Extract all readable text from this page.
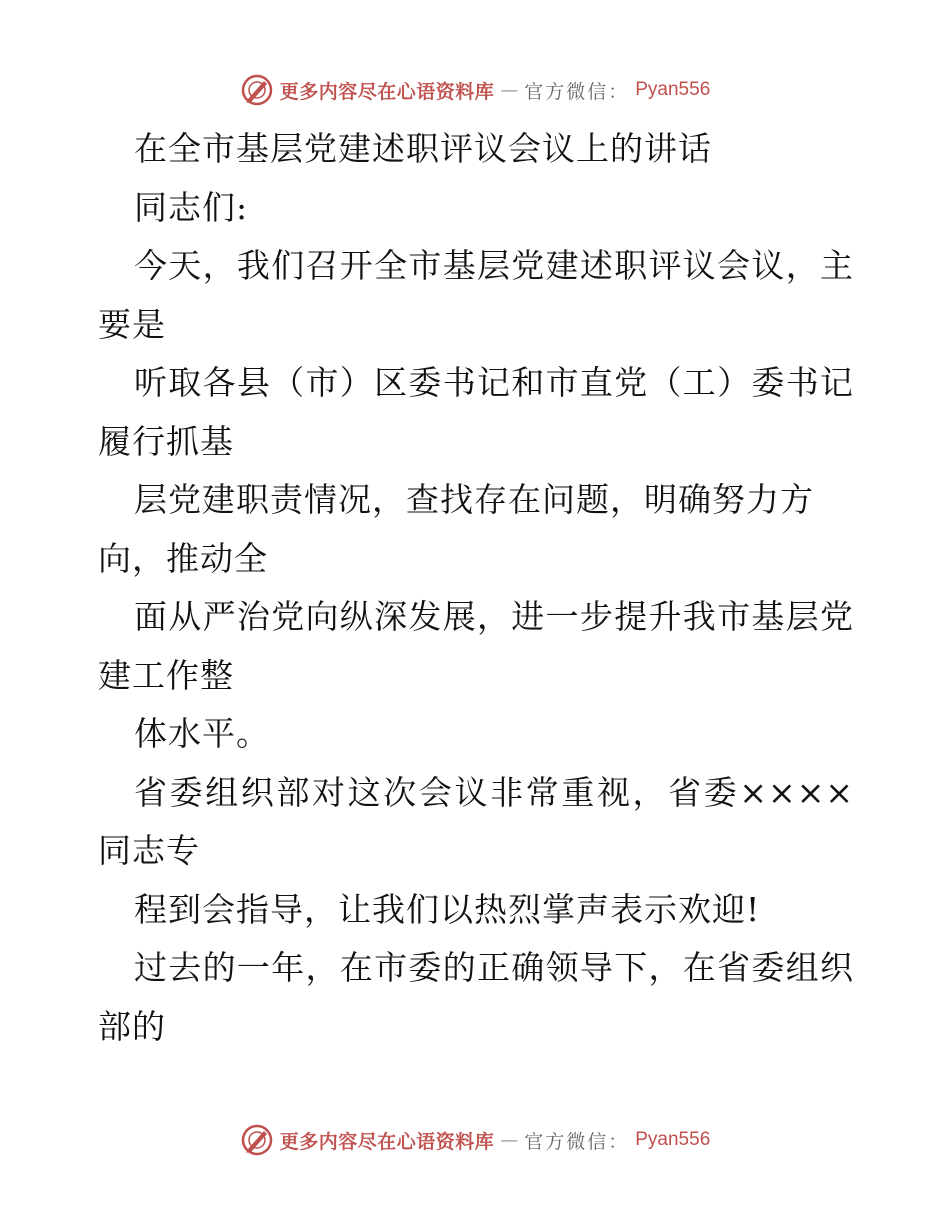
更多内容尽在心语资料库 — 官方微信： Pyan556
在全市基层党建述职评议会议上的讲话
同志们:
今天，我们召开全市基层党建述职评议会议，主
要是
听取各县（市）区委书记和市直党（工）委书记
履行抓基
层党建职责情况，查找存在问题，明确努力方
向，推动全
面从严治党向纵深发展，进一步提升我市基层党
建工作整
体水平。
省委组织部对这次会议非常重视，省委××××
同志专
程到会指导，让我们以热烈掌声表示欢迎!
过去的一年，在市委的正确领导下，在省委组织
部的
更多内容尽在心语资料库 — 官方微信： Pyan556
